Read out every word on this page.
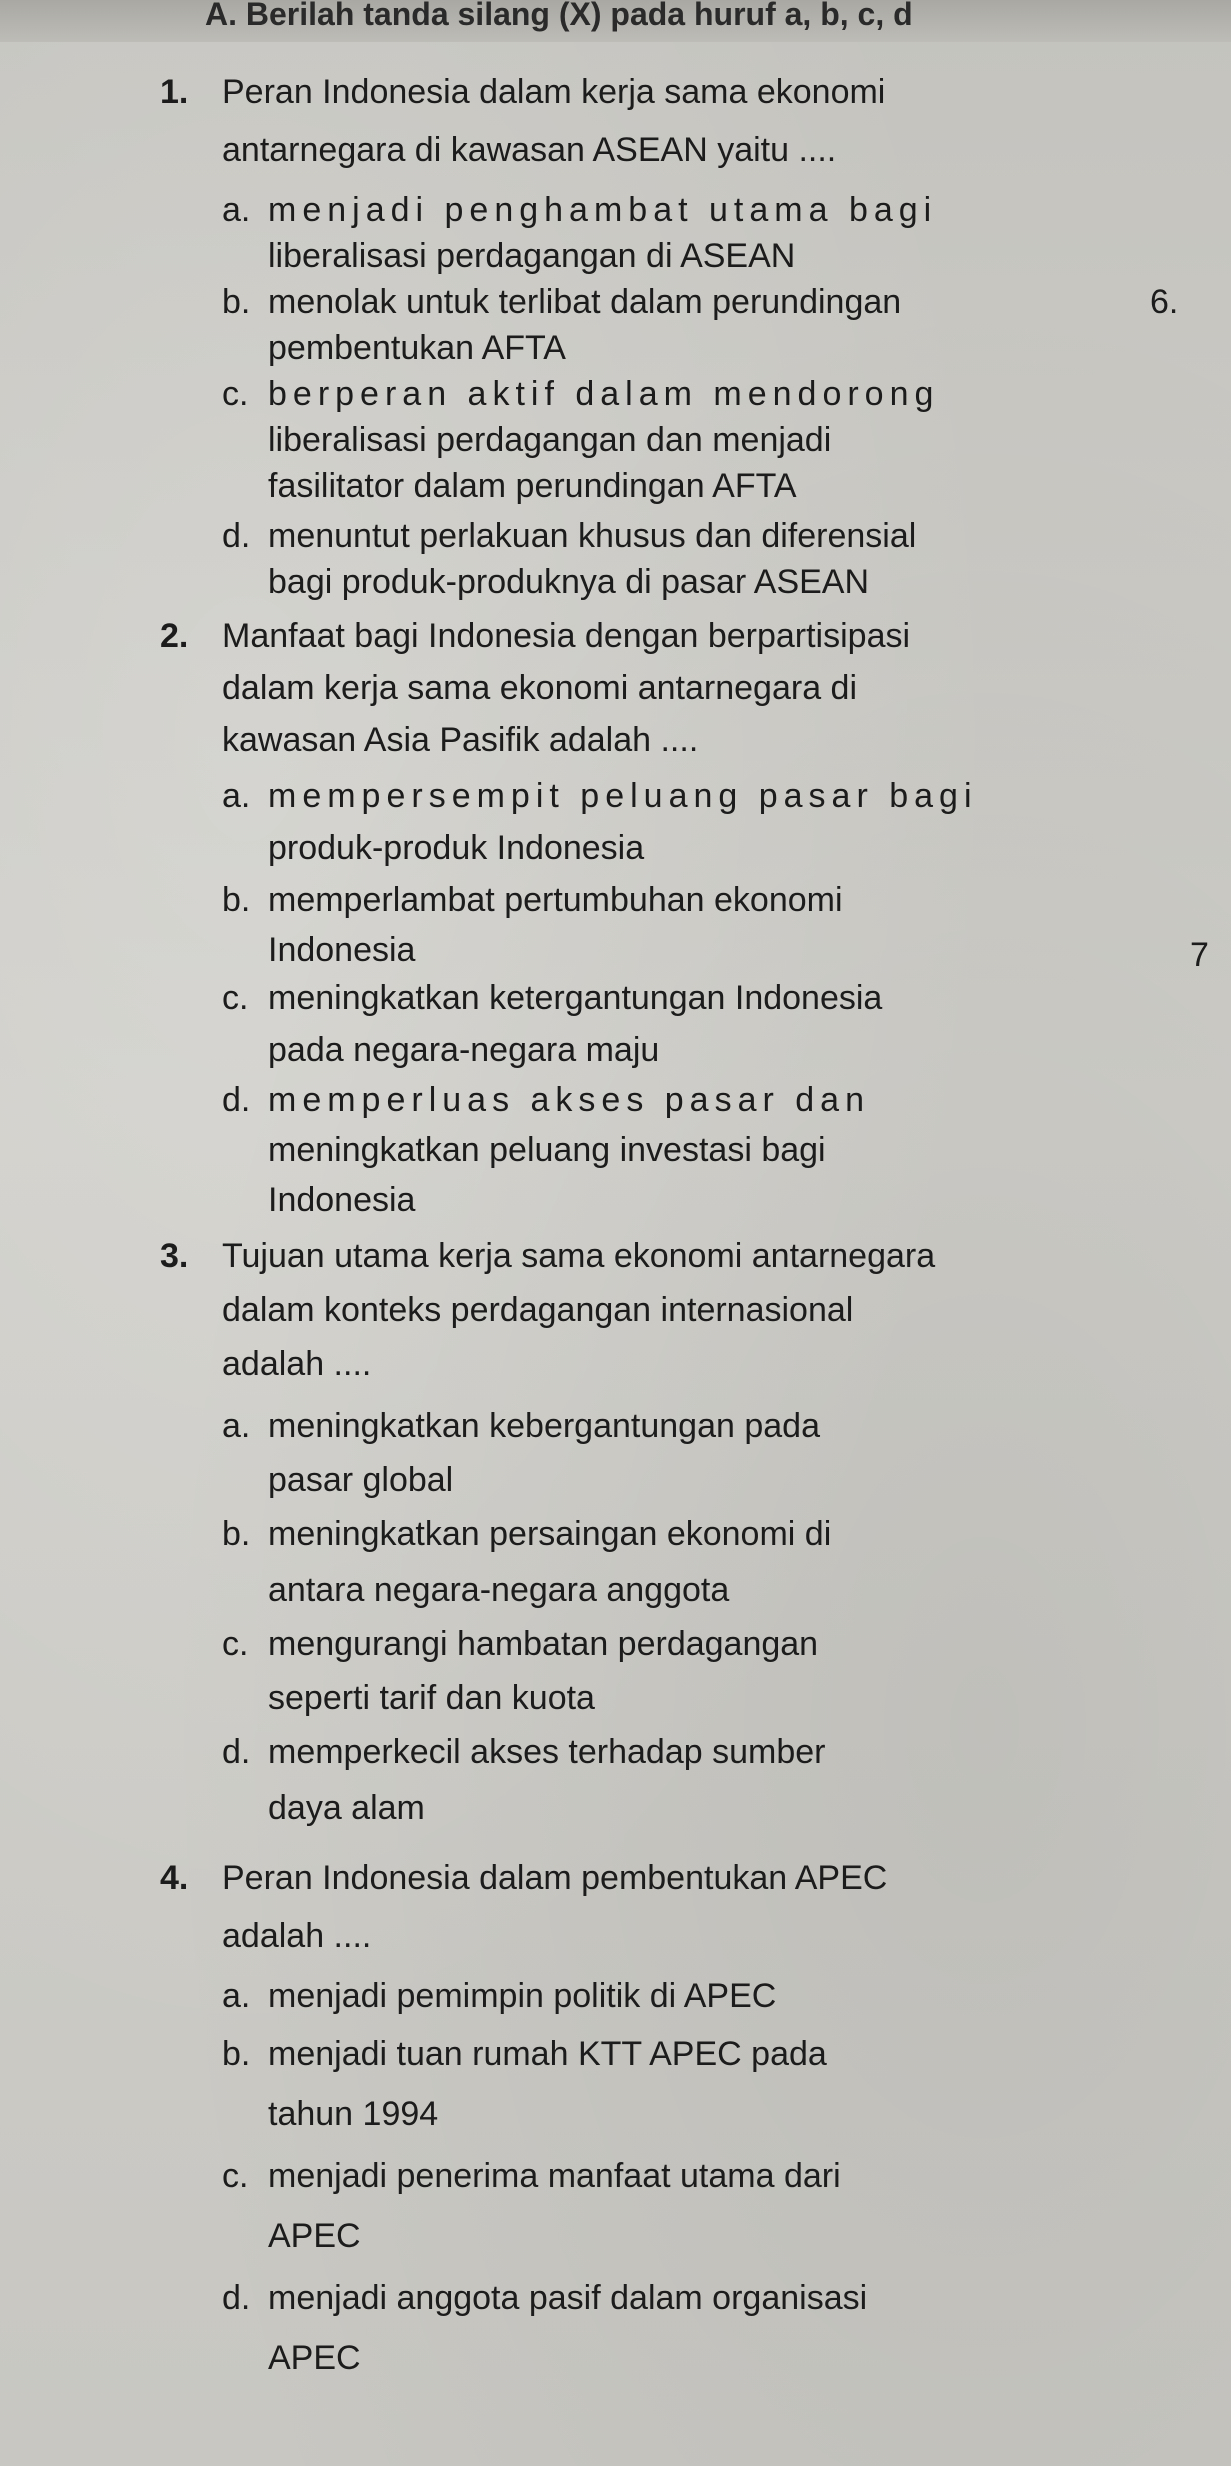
A. Berilah tanda silang (X) pada huruf a, b, c, d
1. Peran Indonesia dalam kerja sama ekonomi
antarnegara di kawasan ASEAN yaitu ....
a. menjadi penghambat utama bagi
liberalisasi perdagangan di ASEAN
b. menolak untuk terlibat dalam perundingan
pembentukan AFTA
c. berperan aktif dalam mendorong
liberalisasi perdagangan dan menjadi
fasilitator dalam perundingan AFTA
d. menuntut perlakuan khusus dan diferensial
bagi produk-produknya di pasar ASEAN
2. Manfaat bagi Indonesia dengan berpartisipasi
dalam kerja sama ekonomi antarnegara di
kawasan Asia Pasifik adalah ....
a. mempersempit peluang pasar bagi
produk-produk Indonesia
b. memperlambat pertumbuhan ekonomi
Indonesia
c. meningkatkan ketergantungan Indonesia
pada negara-negara maju
d. memperluas akses pasar dan
meningkatkan peluang investasi bagi
Indonesia
3. Tujuan utama kerja sama ekonomi antarnegara
dalam konteks perdagangan internasional
adalah ....
a. meningkatkan kebergantungan pada
pasar global
b. meningkatkan persaingan ekonomi di
antara negara-negara anggota
c. mengurangi hambatan perdagangan
seperti tarif dan kuota
d. memperkecil akses terhadap sumber
daya alam
4. Peran Indonesia dalam pembentukan APEC
adalah ....
a. menjadi pemimpin politik di APEC
b. menjadi tuan rumah KTT APEC pada
tahun 1994
c. menjadi penerima manfaat utama dari
APEC
d. menjadi anggota pasif dalam organisasi
APEC
6.
7
